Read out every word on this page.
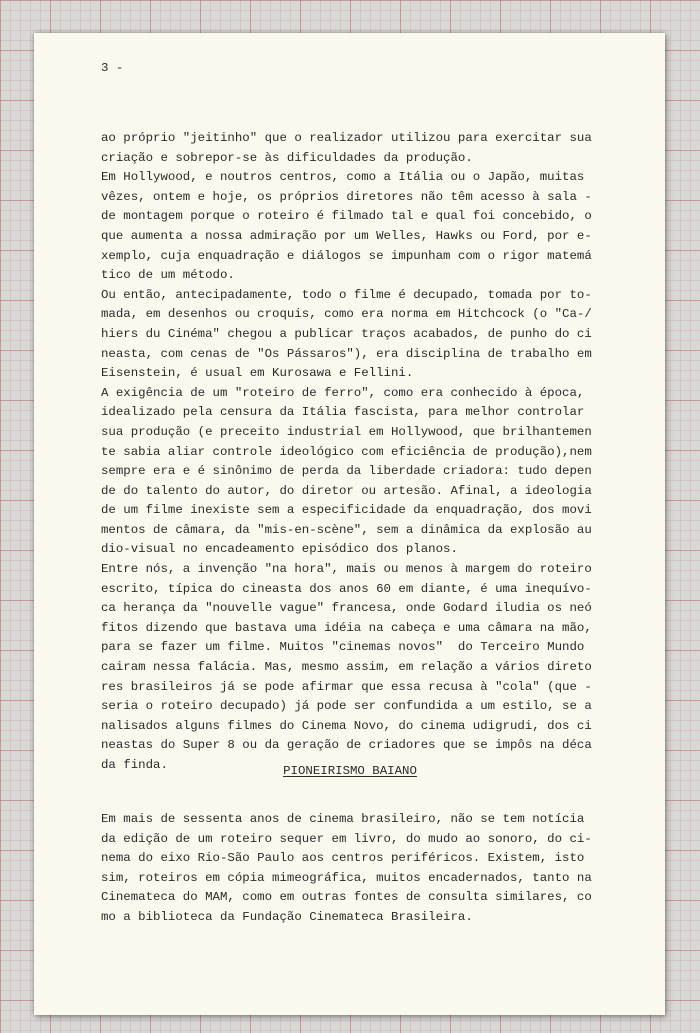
3 -
ao próprio "jeitinho" que o realizador utilizou para exercitar sua
criação e sobrepor-se às dificuldades da produção.
Em Hollywood, e noutros centros, como a Itália ou o Japão, muitas
vêzes, ontem e hoje, os próprios diretores não têm acesso à sala -
de montagem porque o roteiro é filmado tal e qual foi concebido, o
que aumenta a nossa admiração por um Welles, Hawks ou Ford, por e-
xemplo, cuja enquadração e diálogos se impunham com o rigor matemá
tico de um método.
Ou então, antecipadamente, todo o filme é decupado, tomada por to-
mada, em desenhos ou croquis, como era norma em Hitchcock (o "Ca-/
hiers du Cinéma" chegou a publicar traços acabados, de punho do ci
neasta, com cenas de "Os Pássaros"), era disciplina de trabalho em
Eisenstein, é usual em Kurosawa e Fellini.
A exigência de um "roteiro de ferro", como era conhecido à época,
idealizado pela censura da Itália fascista, para melhor controlar
sua produção (e preceito industrial em Hollywood, que brilhantemen
te sabia aliar controle ideológico com eficiência de produção),nem
sempre era e é sinônimo de perda da liberdade criadora: tudo depen
de do talento do autor, do diretor ou artesão. Afinal, a ideologia
de um filme inexiste sem a especificidade da enquadração, dos movi
mentos de câmara, da "mis-en-scène", sem a dinâmica da explosão au
dio-visual no encadeamento episódico dos planos.
Entre nós, a invenção "na hora", mais ou menos à margem do roteiro
escrito, típica do cineasta dos anos 60 em diante, é uma inequívo-
ca herança da "nouvelle vague" francesa, onde Godard iludia os neó
fitos dizendo que bastava uma idéia na cabeça e uma câmara na mão,
para se fazer um filme. Muitos "cinemas novos"  do Terceiro Mundo
cairam nessa falácia. Mas, mesmo assim, em relação a vários direto
res brasileiros já se pode afirmar que essa recusa à "cola" (que -
seria o roteiro decupado) já pode ser confundida a um estilo, se a
nalisados alguns filmes do Cinema Novo, do cinema udigrudi, dos ci
neastas do Super 8 ou da geração de criadores que se impôs na déca
da finda.	PIONEIRISMO BAIANO
Em mais de sessenta anos de cinema brasileiro, não se tem notícia
da edição de um roteiro sequer em livro, do mudo ao sonoro, do ci-
nema do eixo Rio-São Paulo aos centros periféricos. Existem, isto
sim, roteiros em cópia mimeográfica, muitos encadernados, tanto na
Cinemateca do MAM, como em outras fontes de consulta similares, co
mo a biblioteca da Fundação Cinemateca Brasileira.
